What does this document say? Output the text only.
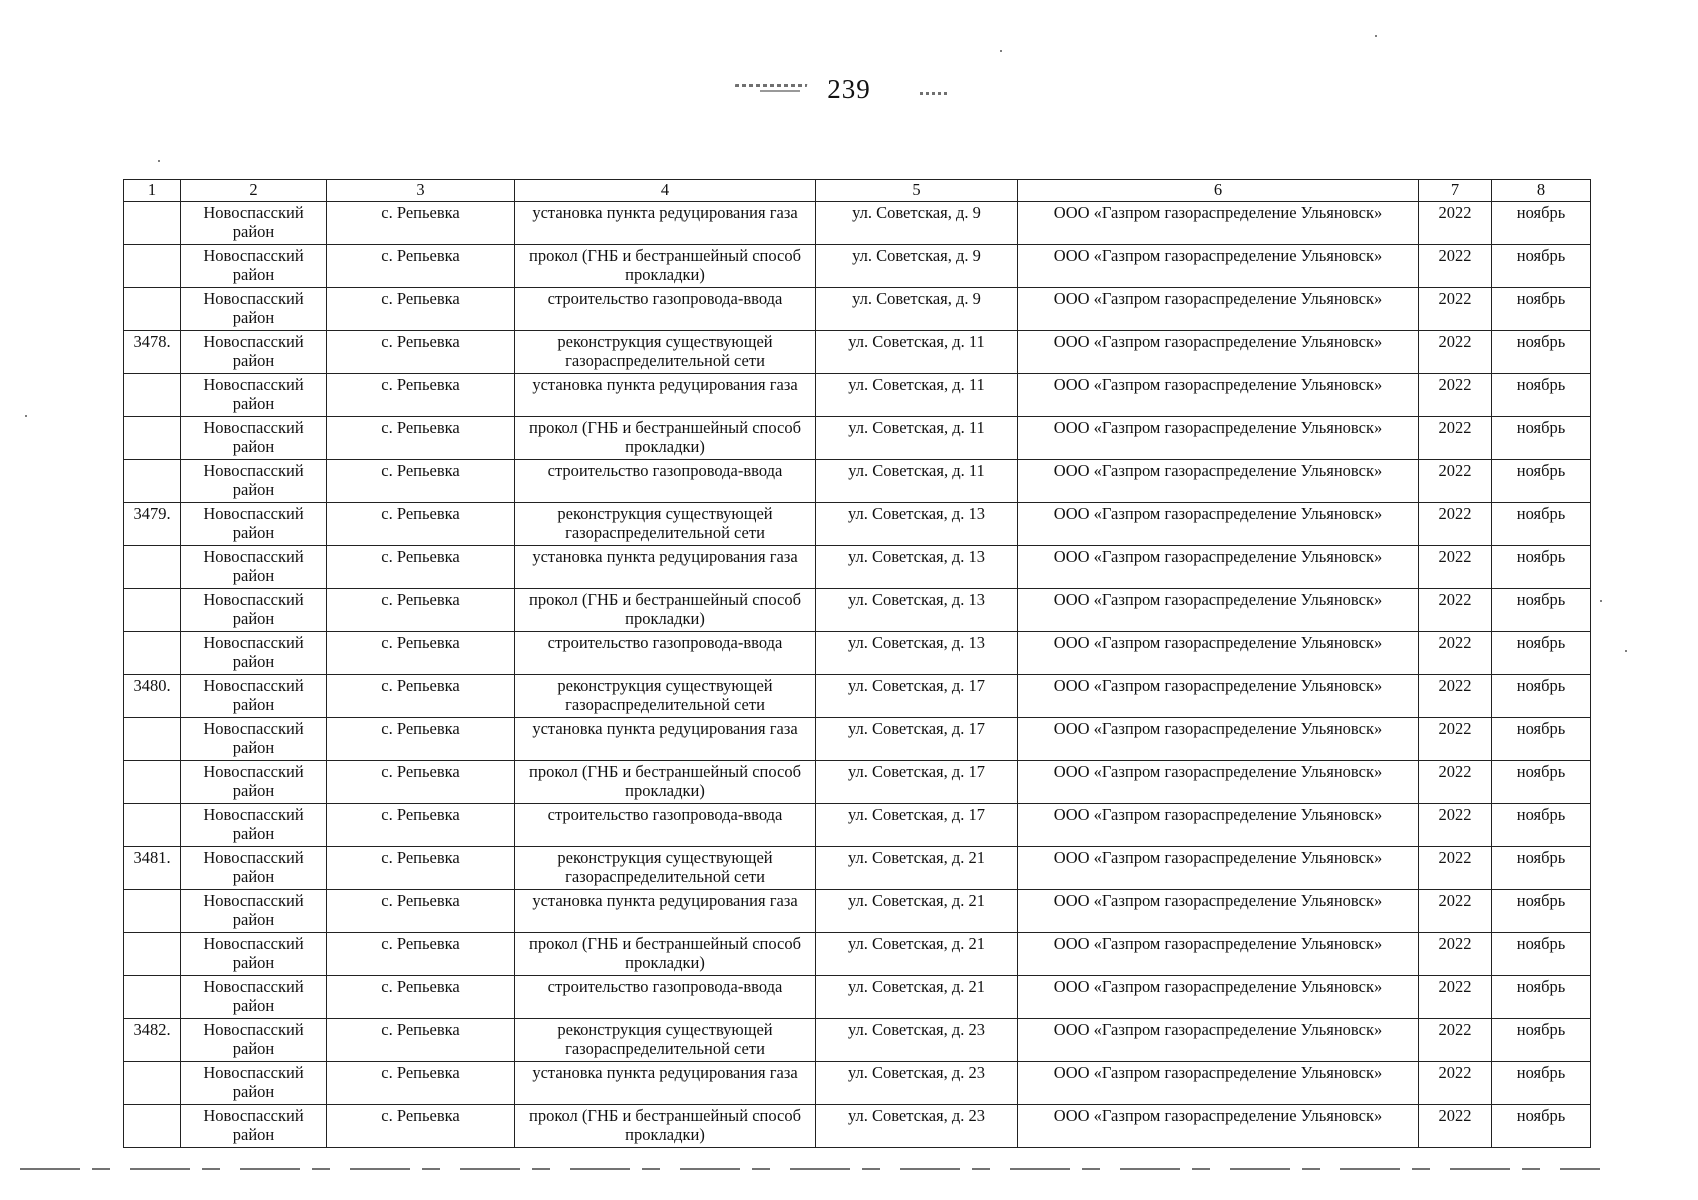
239
1	2	3	4	5	6	7	8
	Новоспасский район	с. Репьевка	установка пункта редуцирования газа	ул. Советская, д. 9	ООО «Газпром газораспределение Ульяновск»	2022	ноябрь
	Новоспасский район	с. Репьевка	прокол (ГНБ и бестраншейный способ прокладки)	ул. Советская, д. 9	ООО «Газпром газораспределение Ульяновск»	2022	ноябрь
	Новоспасский район	с. Репьевка	строительство газопровода-ввода	ул. Советская, д. 9	ООО «Газпром газораспределение Ульяновск»	2022	ноябрь
3478.	Новоспасский район	с. Репьевка	реконструкция существующей газораспределительной сети	ул. Советская, д. 11	ООО «Газпром газораспределение Ульяновск»	2022	ноябрь
	Новоспасский район	с. Репьевка	установка пункта редуцирования газа	ул. Советская, д. 11	ООО «Газпром газораспределение Ульяновск»	2022	ноябрь
	Новоспасский район	с. Репьевка	прокол (ГНБ и бестраншейный способ прокладки)	ул. Советская, д. 11	ООО «Газпром газораспределение Ульяновск»	2022	ноябрь
	Новоспасский район	с. Репьевка	строительство газопровода-ввода	ул. Советская, д. 11	ООО «Газпром газораспределение Ульяновск»	2022	ноябрь
3479.	Новоспасский район	с. Репьевка	реконструкция существующей газораспределительной сети	ул. Советская, д. 13	ООО «Газпром газораспределение Ульяновск»	2022	ноябрь
	Новоспасский район	с. Репьевка	установка пункта редуцирования газа	ул. Советская, д. 13	ООО «Газпром газораспределение Ульяновск»	2022	ноябрь
	Новоспасский район	с. Репьевка	прокол (ГНБ и бестраншейный способ прокладки)	ул. Советская, д. 13	ООО «Газпром газораспределение Ульяновск»	2022	ноябрь
	Новоспасский район	с. Репьевка	строительство газопровода-ввода	ул. Советская, д. 13	ООО «Газпром газораспределение Ульяновск»	2022	ноябрь
3480.	Новоспасский район	с. Репьевка	реконструкция существующей газораспределительной сети	ул. Советская, д. 17	ООО «Газпром газораспределение Ульяновск»	2022	ноябрь
	Новоспасский район	с. Репьевка	установка пункта редуцирования газа	ул. Советская, д. 17	ООО «Газпром газораспределение Ульяновск»	2022	ноябрь
	Новоспасский район	с. Репьевка	прокол (ГНБ и бестраншейный способ прокладки)	ул. Советская, д. 17	ООО «Газпром газораспределение Ульяновск»	2022	ноябрь
	Новоспасский район	с. Репьевка	строительство газопровода-ввода	ул. Советская, д. 17	ООО «Газпром газораспределение Ульяновск»	2022	ноябрь
3481.	Новоспасский район	с. Репьевка	реконструкция существующей газораспределительной сети	ул. Советская, д. 21	ООО «Газпром газораспределение Ульяновск»	2022	ноябрь
	Новоспасский район	с. Репьевка	установка пункта редуцирования газа	ул. Советская, д. 21	ООО «Газпром газораспределение Ульяновск»	2022	ноябрь
	Новоспасский район	с. Репьевка	прокол (ГНБ и бестраншейный способ прокладки)	ул. Советская, д. 21	ООО «Газпром газораспределение Ульяновск»	2022	ноябрь
	Новоспасский район	с. Репьевка	строительство газопровода-ввода	ул. Советская, д. 21	ООО «Газпром газораспределение Ульяновск»	2022	ноябрь
3482.	Новоспасский район	с. Репьевка	реконструкция существующей газораспределительной сети	ул. Советская, д. 23	ООО «Газпром газораспределение Ульяновск»	2022	ноябрь
	Новоспасский район	с. Репьевка	установка пункта редуцирования газа	ул. Советская, д. 23	ООО «Газпром газораспределение Ульяновск»	2022	ноябрь
	Новоспасский район	с. Репьевка	прокол (ГНБ и бестраншейный способ прокладки)	ул. Советская, д. 23	ООО «Газпром газораспределение Ульяновск»	2022	ноябрь
